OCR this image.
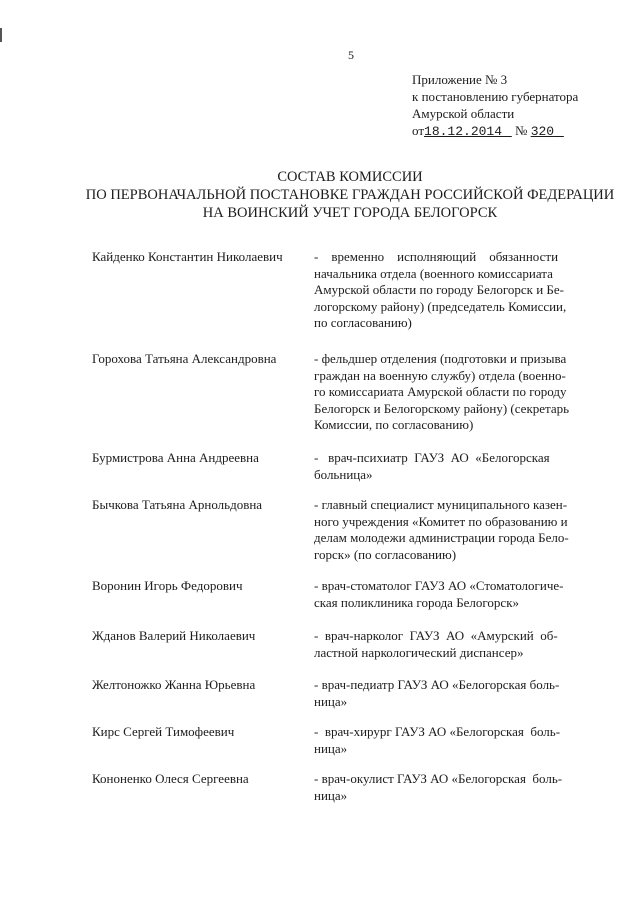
5
Приложение № 3
к постановлению губернатора
Амурской области
от18.12.2014 № 320
СОСТАВ КОМИССИИ
ПО ПЕРВОНАЧАЛЬНОЙ ПОСТАНОВКЕ ГРАЖДАН РОССИЙСКОЙ ФЕДЕРАЦИИ
НА ВОИНСКИЙ УЧЕТ ГОРОДА БЕЛОГОРСК
Кайденко Константин Николаевич -    временно    исполняющий    обязанности
начальника отдела (военного комиссариата
Амурской области по городу Белогорск и Бе-
логорскому району) (председатель Комиссии,
по согласованию)
Горохова Татьяна Александровна	- фельдшер отделения (подготовки и призыва
граждан на военную службу) отдела (военно-
го комиссариата Амурской области по городу
Белогорск и Белогорскому району) (секретарь
Комиссии, по согласованию)
Бурмистрова Анна Андреевна	-   врач-психиатр  ГАУЗ  АО  «Белогорская
больница»
Бычкова Татьяна Арнольдовна	- главный специалист муниципального казен-
ного учреждения «Комитет по образованию и
делам молодежи администрации города Бело-
горск» (по согласованию)
Воронин Игорь Федорович	- врач-стоматолог ГАУЗ АО «Стоматологиче-
ская поликлиника города Белогорск»
Жданов Валерий Николаевич	-  врач-нарколог  ГАУЗ  АО  «Амурский  об-
ластной наркологический диспансер»
Желтоножко Жанна Юрьевна	- врач-педиатр ГАУЗ АО «Белогорская боль-
ница»
Кирс Сергей Тимофеевич	-  врач-хирург ГАУЗ АО «Белогорская  боль-
ница»
Кононенко Олеся Сергеевна	- врач-окулист ГАУЗ АО «Белогорская  боль-
ница»
